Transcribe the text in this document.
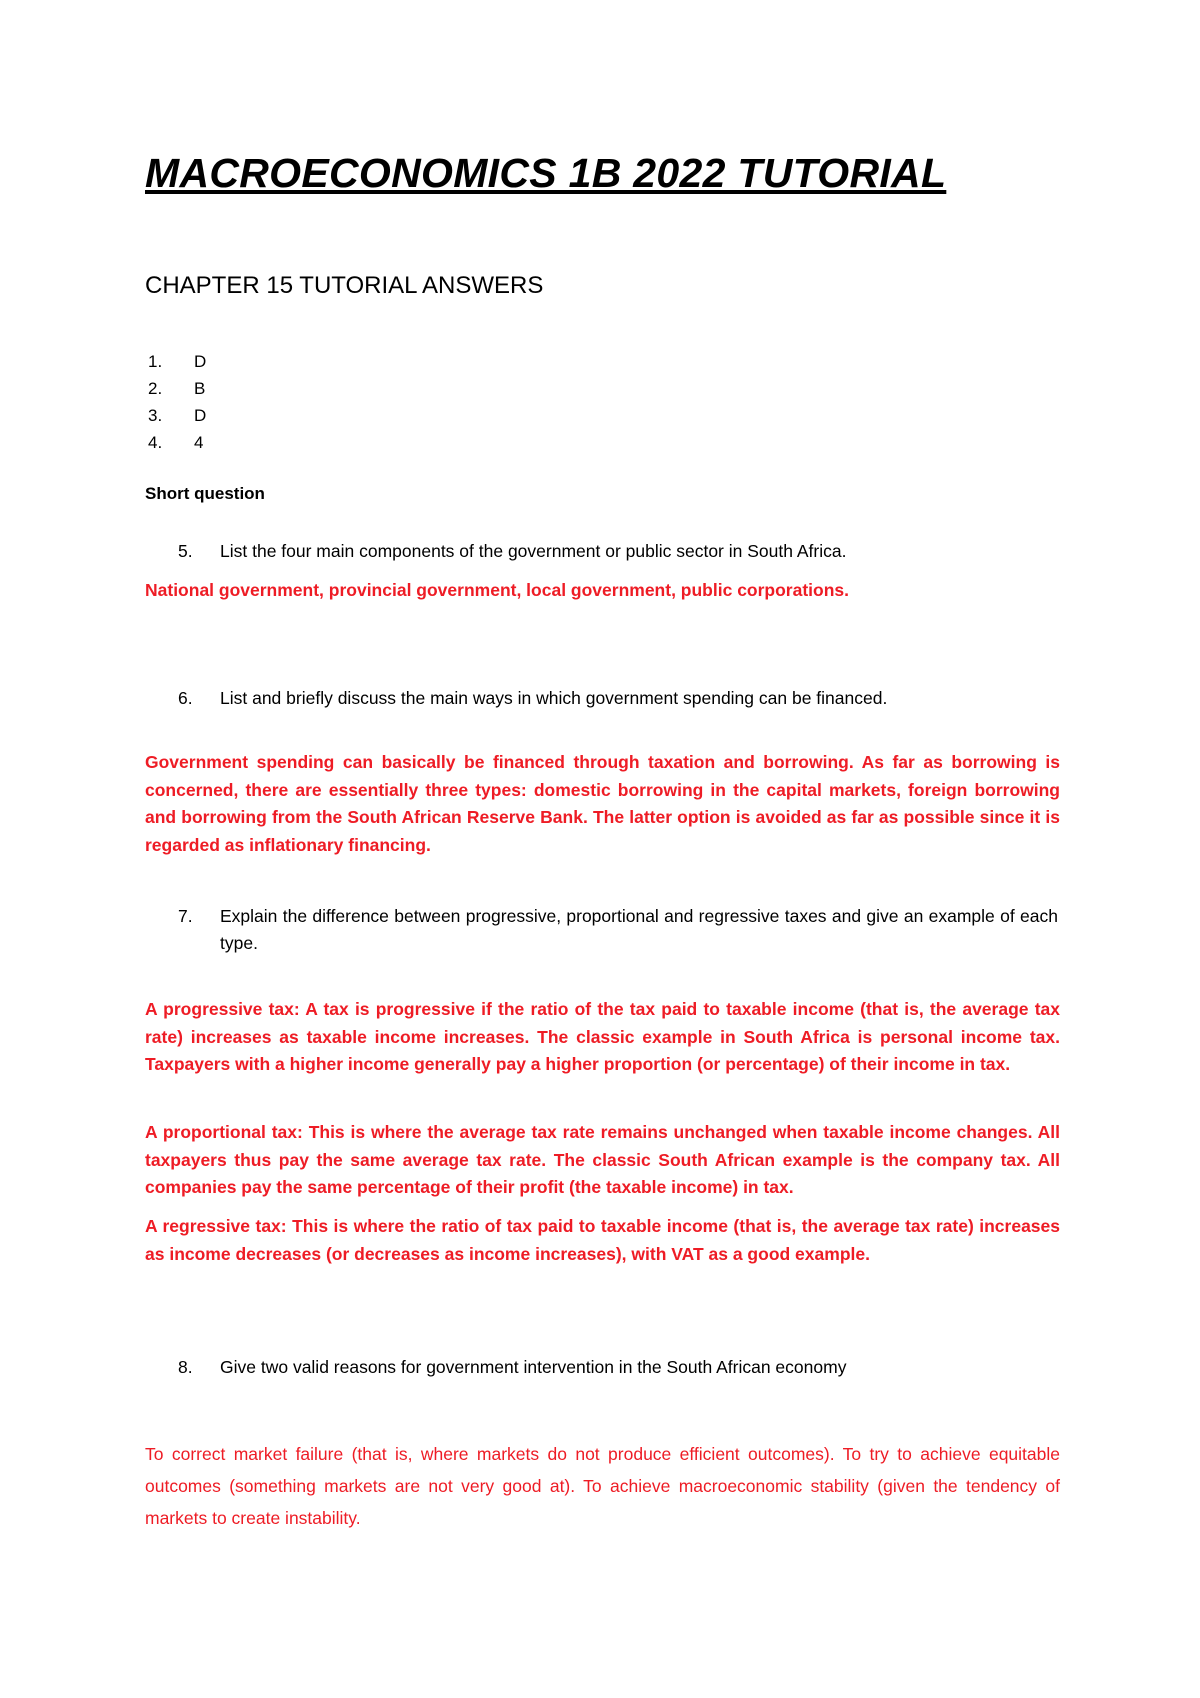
MACROECONOMICS 1B 2022 TUTORIAL
CHAPTER 15 TUTORIAL ANSWERS
1. D
2. B
3. D
4. 4
Short question
5. List the four main components of the government or public sector in South Africa.
National government, provincial government, local government, public corporations.
6. List and briefly discuss the main ways in which government spending can be financed.
Government spending can basically be financed through taxation and borrowing. As far as borrowing is concerned, there are essentially three types: domestic borrowing in the capital markets, foreign borrowing and borrowing from the South African Reserve Bank. The latter option is avoided as far as possible since it is regarded as inflationary financing.
7. Explain the difference between progressive, proportional and regressive taxes and give an example of each type.
A progressive tax: A tax is progressive if the ratio of the tax paid to taxable income (that is, the average tax rate) increases as taxable income increases. The classic example in South Africa is personal income tax. Taxpayers with a higher income generally pay a higher proportion (or percentage) of their income in tax.
A proportional tax: This is where the average tax rate remains unchanged when taxable income changes. All taxpayers thus pay the same average tax rate. The classic South African example is the company tax. All companies pay the same percentage of their profit (the taxable income) in tax.
A regressive tax: This is where the ratio of tax paid to taxable income (that is, the average tax rate) increases as income decreases (or decreases as income increases), with VAT as a good example.
8. Give two valid reasons for government intervention in the South African economy
To correct market failure (that is, where markets do not produce efficient outcomes). To try to achieve equitable outcomes (something markets are not very good at). To achieve macroeconomic stability (given the tendency of markets to create instability.
